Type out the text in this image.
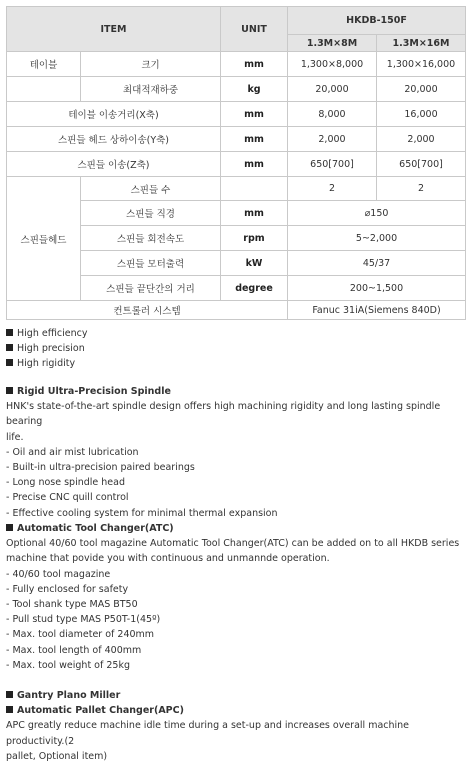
ITEM		UNIT	HKDB-150F	
			1.3M×8M	1.3M×16M
테이블	크기	mm	1,300×8,000	1,300×16,000
	최대적재하중	kg	20,000	20,000
테이블 이송거리(X축)		mm	8,000	16,000
스핀들 헤드 상하이송(Y축)		mm	2,000	2,000
스핀들 이송(Z축)		mm	650[700]	650[700]
스핀들헤드	스핀들 수		2	2
	스핀들 직경	mm	⌀150	
	스핀들 회전속도	rpm	5~2,000	
	스핀들 모터출력	kW	45/37	
	스핀들 끝단간의 거리	degree	200~1,500	
컨트롤러 시스템			Fanuc 31iA(Siemens 840D)	
High efficiency
High precision
High rigidity
Rigid Ultra-Precision Spindle
HNK's state-of-the-art spindle design offers high machining rigidity and long lasting spindle bearing
life.
- Oil and air mist lubrication
- Built-in ultra-precision paired bearings
- Long nose spindle head
- Precise CNC quill control
- Effective cooling system for minimal thermal expansion
Automatic Tool Changer(ATC)
Optional 40/60 tool magazine Automatic Tool Changer(ATC) can be added on to all HKDB series
machine that povide you with continuous and unmannde operation.
- 40/60 tool magazine
- Fully enclosed for safety
- Tool shank type MAS BT50
- Pull stud type MAS P50T-1(45º)
- Max. tool diameter of 240mm
- Max. tool length of 400mm
- Max. tool weight of 25kg
Gantry Plano Miller
Automatic Pallet Changer(APC)
APC greatly reduce machine idle time during a set-up and increases overall machine productivity.(2
pallet, Optional item)
